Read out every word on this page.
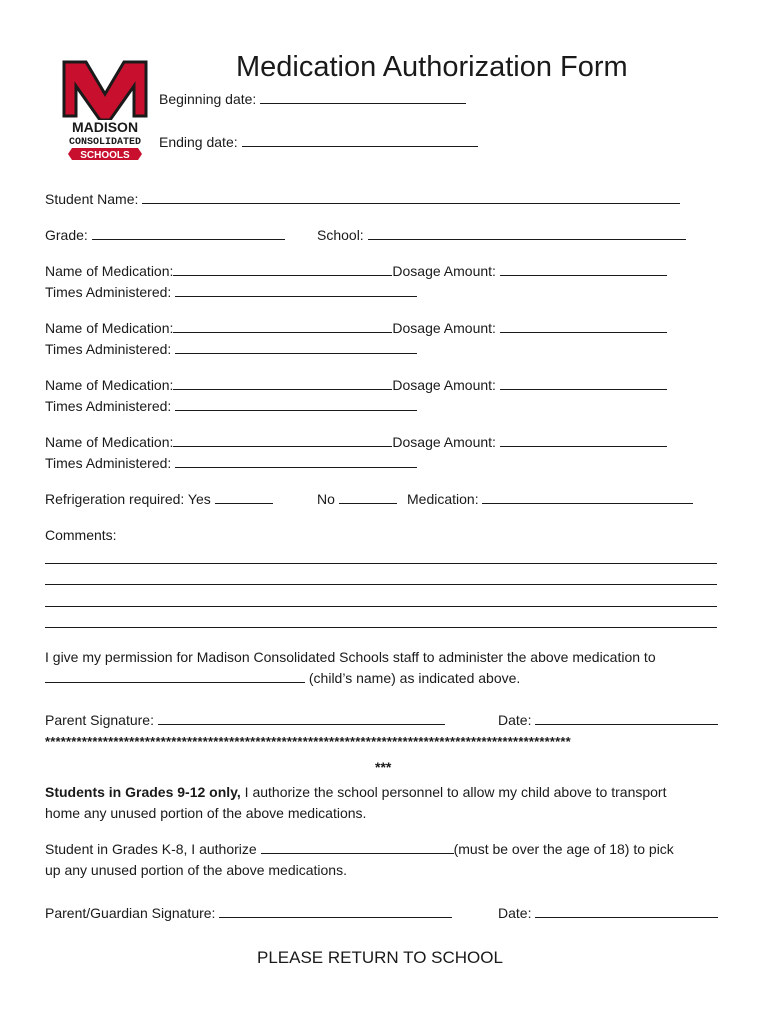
MADISON
CONSOLIDATED
SCHOOLS
Medication Authorization Form
Beginning date:
Ending date:
Student Name:
Grade:	School:
Name of Medication:	Dosage Amount:
Times Administered:
Name of Medication:	Dosage Amount:
Times Administered:
Name of Medication:	Dosage Amount:
Times Administered:
Name of Medication:	Dosage Amount:
Times Administered:
Refrigeration required: Yes	No	Medication:
Comments:
I give my permission for Madison Consolidated Schools staff to administer the above medication to
(child’s name) as indicated above.
Parent Signature:	Date:
****************************************************************************************************
***
Students in Grades 9-12 only, I authorize the school personnel to allow my child above to transport
home any unused portion of the above medications.
Student in Grades K-8, I authorize	(must be over the age of 18) to pick
up any unused portion of the above medications.
Parent/Guardian Signature:	Date:
PLEASE RETURN TO SCHOOL
